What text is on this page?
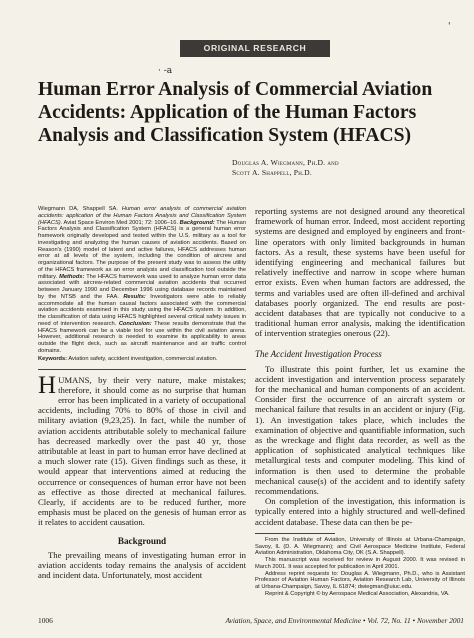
ORIGINAL RESEARCH
'
· -a
Human Error Analysis of Commercial Aviation Accidents: Application of the Human Factors Analysis and Classification System (HFACS)
Douglas A. Wiegmann, Ph.D. and
Scott A. Shappell, Ph.D.

Wiegmann DA, Shappell SA. Human error analysis of commercial aviation accidents: application of the Human Factors Analysis and Classification System (HFACS). Aviat Space Environ Med 2001; 72: 1006–16. Background: The Human Factors Analysis and Classification System (HFACS) is a general human error framework originally developed and tested within the U.S. military as a tool for investigating and analyzing the human causes of aviation accidents. Based on Reason's (1990) model of latent and active failures, HFACS addresses human error at all levels of the system, including the condition of aircrew and organizational factors. The purpose of the present study was to assess the utility of the HFACS framework as an error analysis and classification tool outside the military. Methods: The HFACS framework was used to analyze human error data associated with aircrew-related commercial aviation accidents that occurred between January 1990 and December 1996 using database records maintained by the NTSB and the FAA. Results: Investigators were able to reliably accommodate all the human causal factors associated with the commercial aviation accidents examined in this study using the HFACS system. In addition, the classification of data using HFACS highlighted several critical safety issues in need of intervention research. Conclusion: These results demonstrate that the HFACS framework can be a viable tool for use within the civil aviation arena. However, additional research is needed to examine its applicability to areas outside the flight deck, such as aircraft maintenance and air traffic control domains.

Keywords: Aviation safety, accident investigation, commercial aviation.

HUMANS, by their very nature, make mistakes; therefore, it should come as no surprise that human error has been implicated in a variety of occupational accidents, including 70% to 80% of those in civil and military aviation (9,23,25). In fact, while the number of aviation accidents attributable solely to mechanical failure has decreased markedly over the past 40 yr, those attributable at least in part to human error have declined at a much slower rate (15). Given findings such as these, it would appear that interventions aimed at reducing the occurrence or consequences of human error have not been as effective as those directed at mechanical failures. Clearly, if accidents are to be reduced further, more emphasis must be placed on the genesis of human error as it relates to accident causation.

Background

The prevailing means of investigating human error in aviation accidents today remains the analysis of accident and incident data. Unfortunately, most accident

reporting systems are not designed around any theoretical framework of human error. Indeed, most accident reporting systems are designed and employed by engineers and front-line operators with only limited backgrounds in human factors. As a result, these systems have been useful for identifying engineering and mechanical failures but relatively ineffective and narrow in scope where human error exists. Even when human factors are addressed, the terms and variables used are often ill-defined and archival databases poorly organized. The end results are post-accident databases that are typically not conducive to a traditional human error analysis, making the identification of intervention strategies onerous (22).

The Accident Investigation Process

To illustrate this point further, let us examine the accident investigation and intervention process separately for the mechanical and human components of an accident. Consider first the occurrence of an aircraft system or mechanical failure that results in an accident or injury (Fig. 1). An investigation takes place, which includes the examination of objective and quantifiable information, such as the wreckage and flight data recorder, as well as the application of sophisticated analytical techniques like metallurgical tests and computer modeling. This kind of information is then used to determine the probable mechanical cause(s) of the accident and to identify safety recommendations.

On completion of the investigation, this information is typically entered into a highly structured and well-defined accident database. These data can then be pe-

From the Institute of Aviation, University of Illinois at Urbana-Champaign, Savoy, IL (D. A. Wiegmann); and Civil Aerospace Medicine Institute, Federal Aviation Administration, Oklahoma City, OK (S.A. Shappell).

This manuscript was received for review in August 2000. It was revised in March 2001. It was accepted for publication in April 2001.

Address reprint requests to: Douglas A. Wiegmann, Ph.D., who is Assistant Professor of Aviation Human Factors, Aviation Research Lab, University of Illinois at Urbana-Champaign, Savoy, IL 61874; dwiegman@uiuc.edu.

Reprint & Copyright © by Aerospace Medical Association, Alexandria, VA.

1006	Aviation, Space, and Environmental Medicine • Vol. 72, No. 11 • November 2001
